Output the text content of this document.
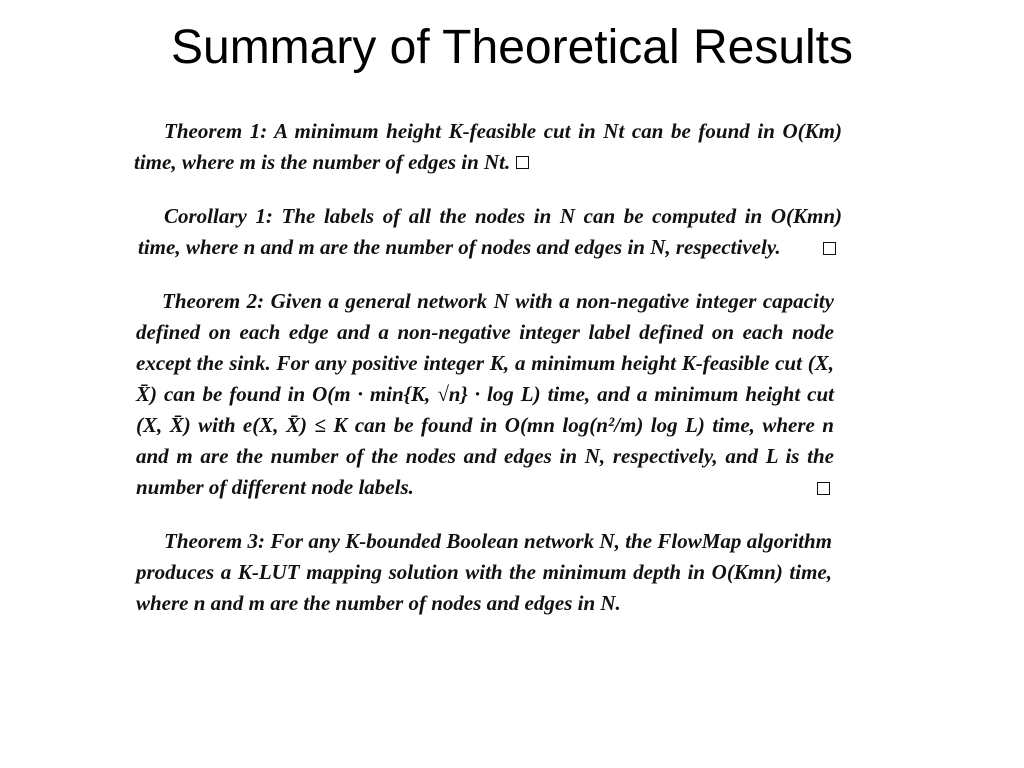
Summary of Theoretical Results

Theorem 1: A minimum height K-feasible cut in Nt can be found in O(Km) time, where m is the number of edges in Nt.

Corollary 1: The labels of all the nodes in N can be computed in O(Kmn) time, where n and m are the number of nodes and edges in N, respectively.

Theorem 2: Given a general network N with a non-negative integer capacity defined on each edge and a non-negative integer label defined on each node except the sink. For any positive integer K, a minimum height K-feasible cut (X, X̄) can be found in O(m · min{K, √n} · log L) time, and a minimum height cut (X, X̄) with e(X, X̄) ≤ K can be found in O(mn log(n²/m) log L) time, where n and m are the number of the nodes and edges in N, respectively, and L is the number of different node labels.

Theorem 3: For any K-bounded Boolean network N, the FlowMap algorithm produces a K-LUT mapping solution with the minimum depth in O(Kmn) time, where n and m are the number of nodes and edges in N.
